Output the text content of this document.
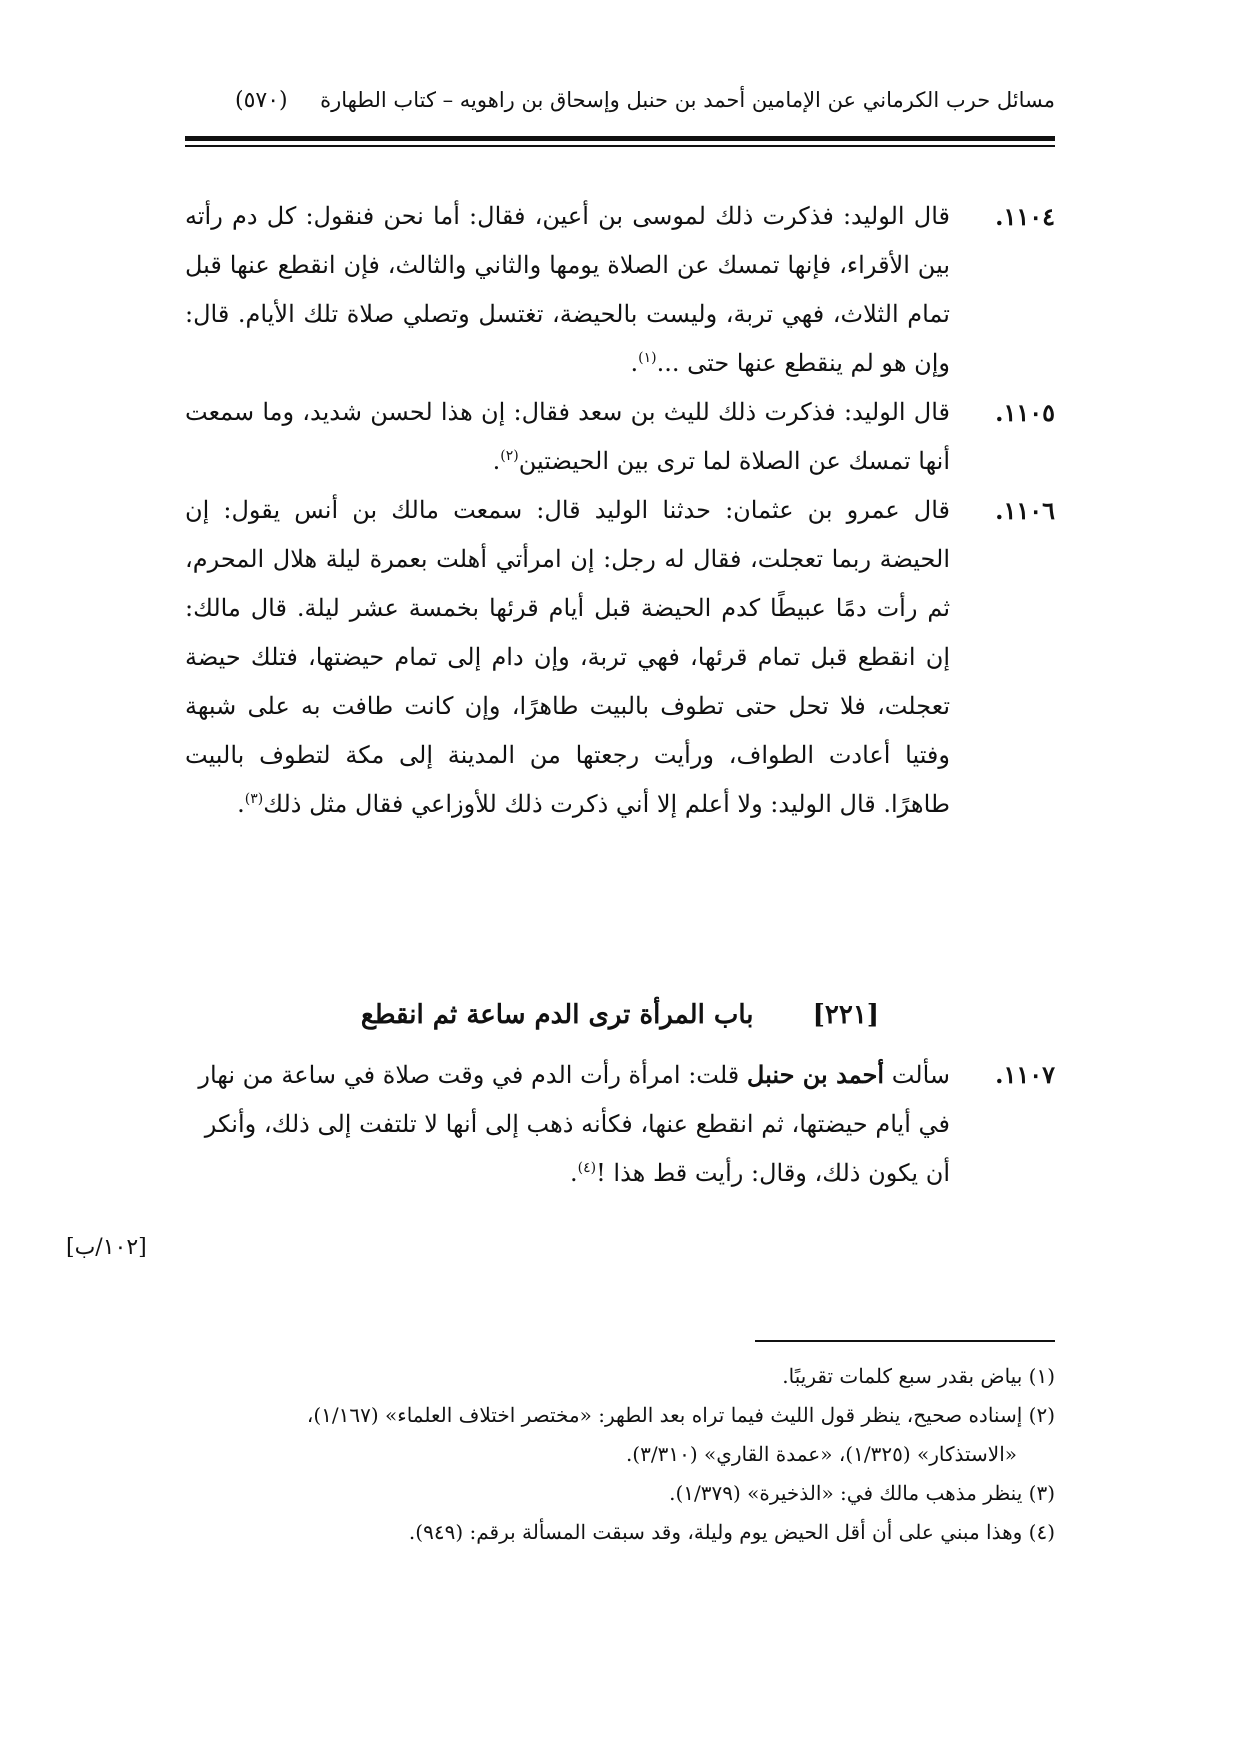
مسائل حرب الكرماني عن الإمامين أحمد بن حنبل وإسحاق بن راهويه – كتاب الطهارة
(٥٧٠)
١١٠٤.
قال الوليد: فذكرت ذلك لموسى بن أعين، فقال: أما نحن فنقول: كل دم رأته بين الأقراء، فإنها تمسك عن الصلاة يومها والثاني والثالث، فإن انقطع عنها قبل تمام الثلاث، فهي تربة، وليست بالحيضة، تغتسل وتصلي صلاة تلك الأيام. قال: وإن هو لم ينقطع عنها حتى ...$^{(١)}$.
١١٠٥.
قال الوليد: فذكرت ذلك لليث بن سعد فقال: إن هذا لحسن شديد، وما سمعت أنها تمسك عن الصلاة لما ترى بين الحيضتين$^{(٢)}$.
١١٠٦.
قال عمرو بن عثمان: حدثنا الوليد قال: سمعت مالك بن أنس يقول: إن الحيضة ربما تعجلت، فقال له رجل: إن امرأتي أهلت بعمرة ليلة هلال المحرم، ثم رأت دمًا عبيطًا كدم الحيضة قبل أيام قرئها بخمسة عشر ليلة. قال مالك: إن انقطع قبل تمام قرئها، فهي تربة، وإن دام إلى تمام حيضتها، فتلك حيضة تعجلت، فلا تحل حتى تطوف بالبيت طاهرًا، وإن كانت طافت به على شبهة وفتيا أعادت الطواف، ورأيت رجعتها من المدينة إلى مكة لتطوف بالبيت طاهرًا. قال الوليد: ولا أعلم إلا أني ذكرت ذلك للأوزاعي فقال مثل ذلك$^{(٣)}$.
[٢٢١] باب المرأة ترى الدم ساعة ثم انقطع
١١٠٧.
سألت أحمد بن حنبل قلت: امرأة رأت الدم في وقت صلاة في ساعة من نهار في أيام حيضتها، ثم انقطع عنها، فكأنه ذهب إلى أنها لا تلتفت إلى ذلك، وأنكر أن يكون ذلك، وقال: رأيت قط هذا !$^{(٤)}$.
[١٠٢/ب]
(١) بياض بقدر سبع كلمات تقريبًا.
(٢) إسناده صحيح، ينظر قول الليث فيما تراه بعد الطهر: «مختصر اختلاف العلماء» (١/١٦٧)،
«الاستذكار» (١/٣٢٥)، «عمدة القاري» (٣/٣١٠).
(٣) ينظر مذهب مالك في: «الذخيرة» (١/٣٧٩).
(٤) وهذا مبني على أن أقل الحيض يوم وليلة، وقد سبقت المسألة برقم: (٩٤٩).
